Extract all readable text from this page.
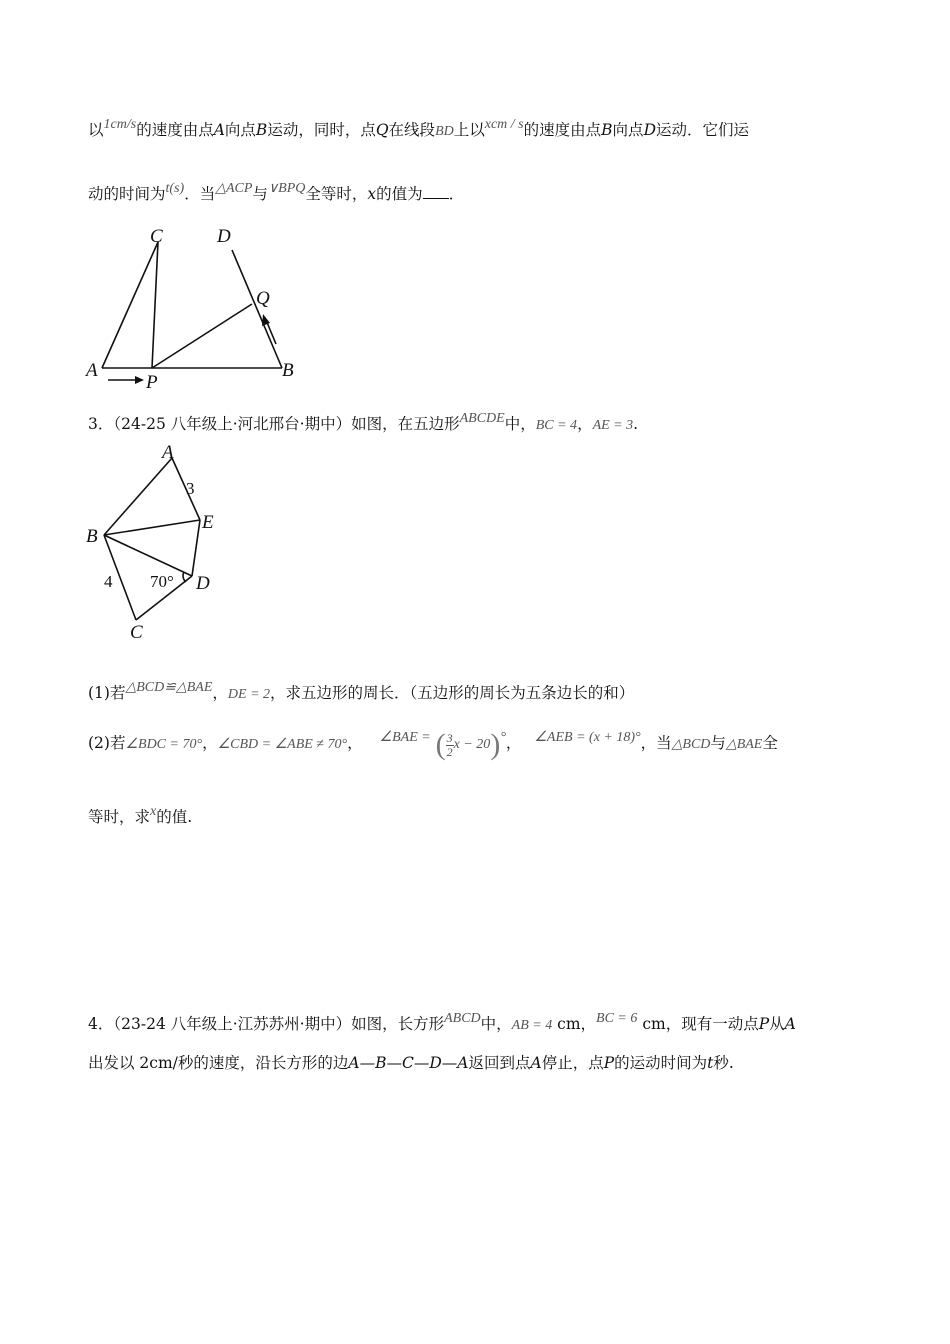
以1cm/s的速度由点A向点B运动，同时，点Q在线段BD上以xcm / s的速度由点B向点D运动．它们运
动的时间为t(s)．当△ACP与∨BPQ全等时，x的值为 ．
C	D
Q
A
P
B
3．（24-25 八年级上·河北邢台·期中）如图，在五边形ABCDE中，BC = 4，AE = 3.
A
3
E
B
4 70° D
C
(1)若△BCD≌△BAE，DE = 2，求五边形的周长．（五边形的周长为五条边长的和）
(2)若∠BDC = 70°，∠CBD = ∠ABE ≠ 70°， ∠BAE = ( $\frac{3}{2}$ x − 20)°， ∠AEB = (x + 18)°，当△BCD与△BAE全
等时，求x的值.
4．（23-24 八年级上·江苏苏州·期中）如图，长方形ABCD中，AB = 4 cm，BC = 6 cm，现有一动点P从A
出发以 2cm/秒的速度，沿长方形的边A—B—C—D—A返回到点A停止，点P的运动时间为t秒.
